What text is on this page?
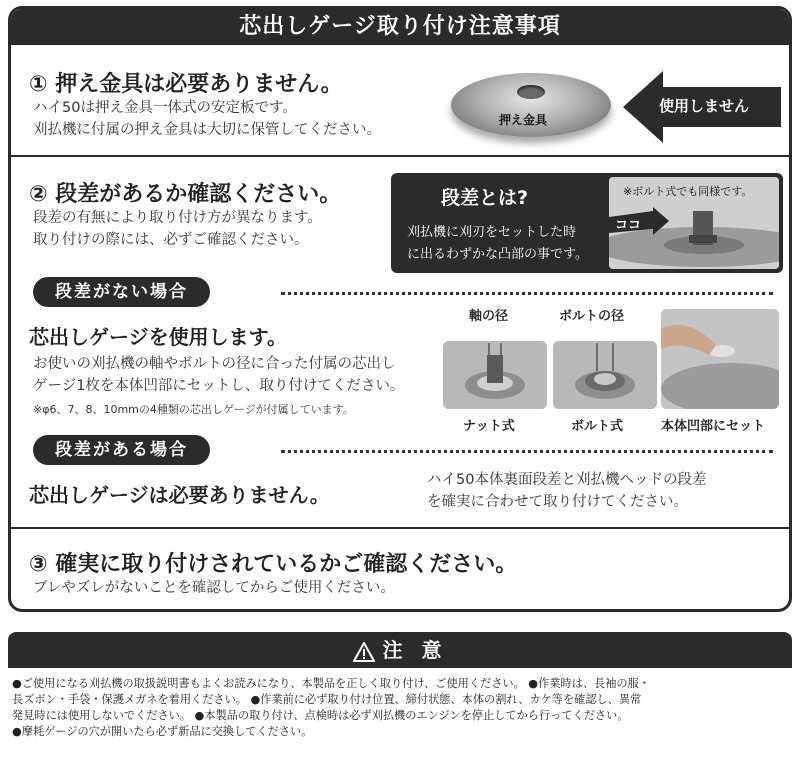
芯出しゲージ取り付け注意事項
① 押え金具は必要ありません。
ハイ50は押え金具一体式の安定板です。
刈払機に付属の押え金具は大切に保管してください。
押え金具
使用しません
② 段差があるか確認ください。
段差の有無により取り付け方が異なります。
取り付けの際には、必ずご確認ください。
段差とは?
刈払機に刈刃をセットした時
に出るわずかな凸部の事です。
ココ
※ボルト式でも同様です。
段差がない場合
芯出しゲージを使用します。
お使いの刈払機の軸やボルトの径に合った付属の芯出し
ゲージ1枚を本体凹部にセットし、取り付けてください。
※φ6、7、8、10mmの4種類の芯出しゲージが付属しています。
軸の径	ボルトの径
ナット式	ボルト式	本体凹部にセット
段差がある場合
芯出しゲージは必要ありません。
ハイ50本体裏面段差と刈払機ヘッドの段差
を確実に合わせて取り付けてください。
③ 確実に取り付けされているかご確認ください。
ブレやズレがないことを確認してからご使用ください。
注 意
●ご使用になる刈払機の取扱説明書もよくお読みになり、本製品を正しく取り付け、ご使用ください。 ●作業時は、長袖の服・
長ズボン・手袋・保護メガネを着用ください。 ●作業前に必ず取り付け位置、締付状態、本体の割れ、カケ等を確認し、異常
発見時には使用しないでください。 ●本製品の取り付け、点検時は必ず刈払機のエンジンを停止してから行ってください。
●摩耗ゲージの穴が開いたら必ず新品に交換してください。
